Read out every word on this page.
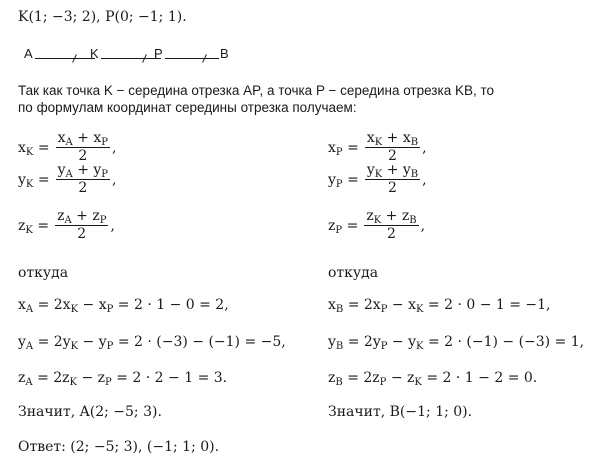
K(1; −3; 2), P(0; −1; 1).
A	K	P	B
Так как точка K − середина отрезка AP, а точка P − середина отрезка KB, то
по формулам координат середины отрезка получаем:
$x_K = \frac{x_A + x_P}{2}$ ,
$y_K = \frac{y_A + y_P}{2}$ ,
$z_K = \frac{z_A + z_P}{2}$ ,
$x_P = \frac{x_K + x_B}{2}$ ,
$y_P = \frac{y_K + y_B}{2}$ ,
$z_P = \frac{z_K + z_B}{2}$ ,
откуда	откуда
$x_A = 2x_K - x_P = 2 \cdot 1 - 0 = 2$,
$y_A = 2y_K - y_P = 2 \cdot (-3) - (-1) = -5$,
$z_A = 2z_K - z_P = 2 \cdot 2 - 1 = 3$.
$x_B = 2x_P - x_K = 2 \cdot 0 - 1 = -1$,
$y_B = 2y_P - y_K = 2 \cdot (-1) - (-3) = 1$,
$z_B = 2z_P - z_K = 2 \cdot 1 - 2 = 0$.
Значит, A(2; −5; 3).	Значит, B(−1; 1; 0).
Ответ: (2; −5; 3), (−1; 1; 0).
